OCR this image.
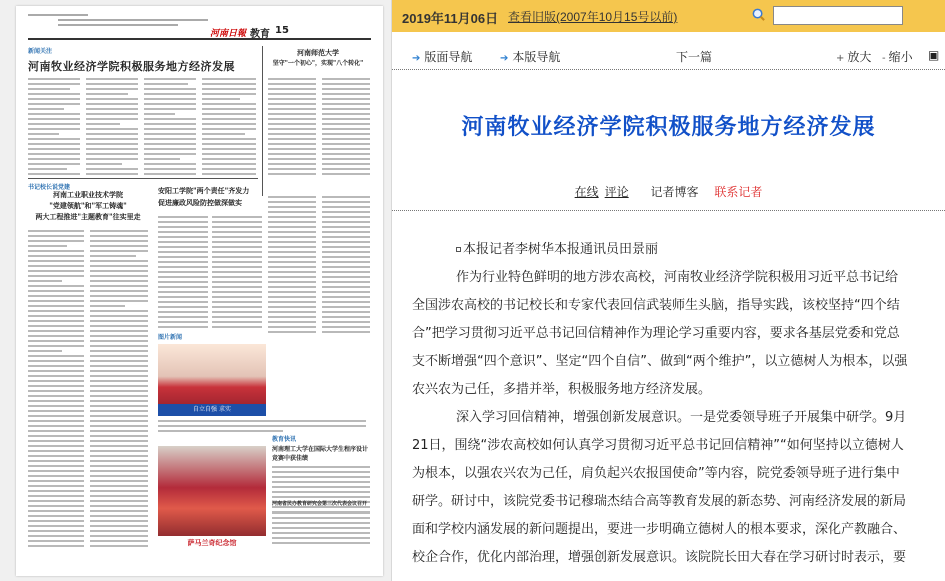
河南日報 教育 15
新闻关注
河南牧业经济学院积极服务地方经济发展
河南师范大学
坚守"一个初心"，实现"八个转化"
书记校长说党建
河南工业职业技术学院
"党建领航"和"军工铸魂"
两大工程推进"主题教育"往实里走
安阳工学院"两个责任"齐发力
促进廉政风险防控做深做实
图片新闻
自立自强 求实
教育快讯
萨马兰奇纪念馆
河南理工大学在国际大学生程序设计竞赛中获佳绩
河南省民办教育研究会第三次代表会议召开
2019年11月06日 查看旧版(2007年10月15号以前)
➔ 版面导航	➔ 本版导航	下一篇	+ 放大 - 缩小 ▣
河南牧业经济学院积极服务地方经济发展
在线 评论 记者博客 联系记者

本报记者李树华本报通讯员田景丽

作为行业特色鲜明的地方涉农高校，河南牧业经济学院积极用习近平总书记给

全国涉农高校的书记校长和专家代表回信武装师生头脑，指导实践，该校坚持“四个结

合”把学习贯彻习近平总书记回信精神作为理论学习重要内容，要求各基层党委和党总

支不断增强“四个意识”、坚定“四个自信”、做到“两个维护”，以立德树人为根本，以强

农兴农为己任，多措并举，积极服务地方经济发展。

深入学习回信精神，增强创新发展意识。一是党委领导班子开展集中研学。9月

21日，围绕“涉农高校如何认真学习贯彻习近平总书记回信精神”“如何坚持以立德树人

为根本，以强农兴农为己任，肩负起兴农报国使命”等内容，院党委领导班子进行集中

研学。研讨中，该院党委书记穆瑞杰结合高等教育发展的新态势、河南经济发展的新局

面和学校内涵发展的新问题提出，要进一步明确立德树人的根本要求，深化产教融合、

校企合作，优化内部治理，增强创新发展意识。该院院长田大春在学习研讨时表示，要
